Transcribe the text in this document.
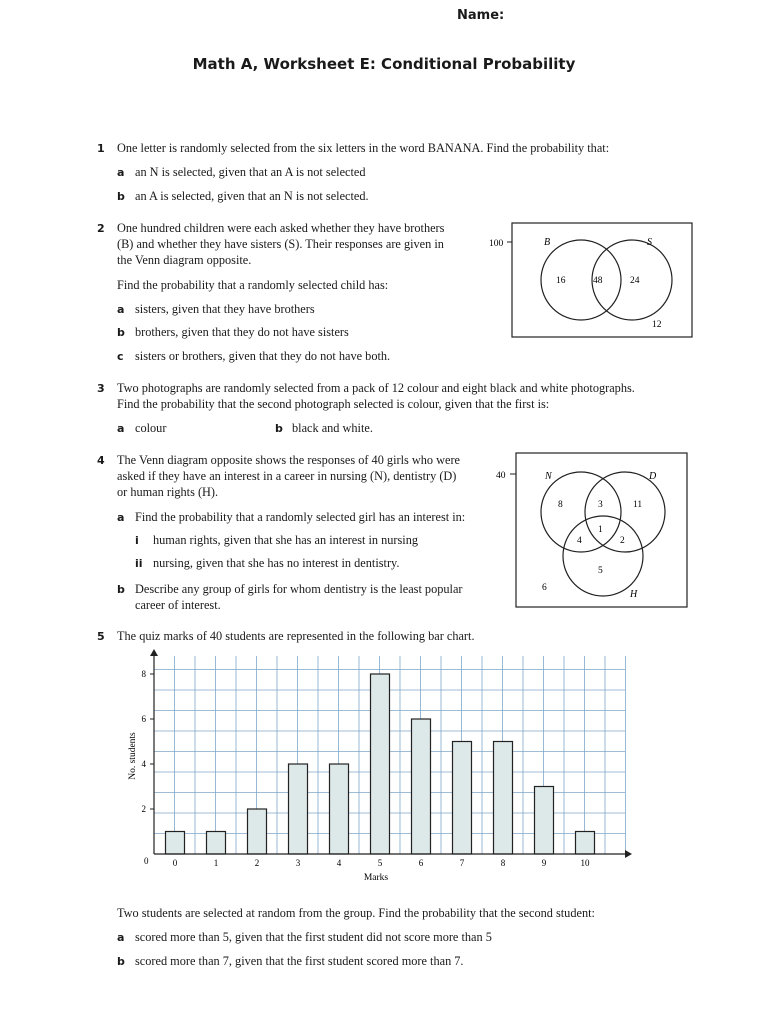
Name:
Math A, Worksheet E: Conditional Probability
1 One letter is randomly selected from the six letters in the word BANANA. Find the probability that:
a an N is selected, given that an A is not selected
b an A is selected, given that an N is not selected.
2 One hundred children were each asked whether they have brothers
(B) and whether they have sisters (S). Their responses are given in
the Venn diagram opposite.
Find the probability that a randomly selected child has:
a sisters, given that they have brothers
b brothers, given that they do not have sisters
c sisters or brothers, given that they do not have both.
100	B	S
16	48	24
12
3 Two photographs are randomly selected from a pack of 12 colour and eight black and white photographs.
Find the probability that the second photograph selected is colour, given that the first is:
a colour	b black and white.
4 The Venn diagram opposite shows the responses of 40 girls who were
asked if they have an interest in a career in nursing (N), dentistry (D)
or human rights (H).
a Find the probability that a randomly selected girl has an interest in:
i human rights, given that she has an interest in nursing
ii nursing, given that she has no interest in dentistry.
b Describe any group of girls for whom dentistry is the least popular
career of interest.
40	N	D
H
8	3	11
1
4	2
5
6
5 The quiz marks of 40 students are represented in the following bar chart.
0
Marks
No. students
0	1	2	3	4	5	6	7	8	9	10
2
4
6
8
Two students are selected at random from the group. Find the probability that the second student:
a scored more than 5, given that the first student did not score more than 5
b scored more than 7, given that the first student scored more than 7.
